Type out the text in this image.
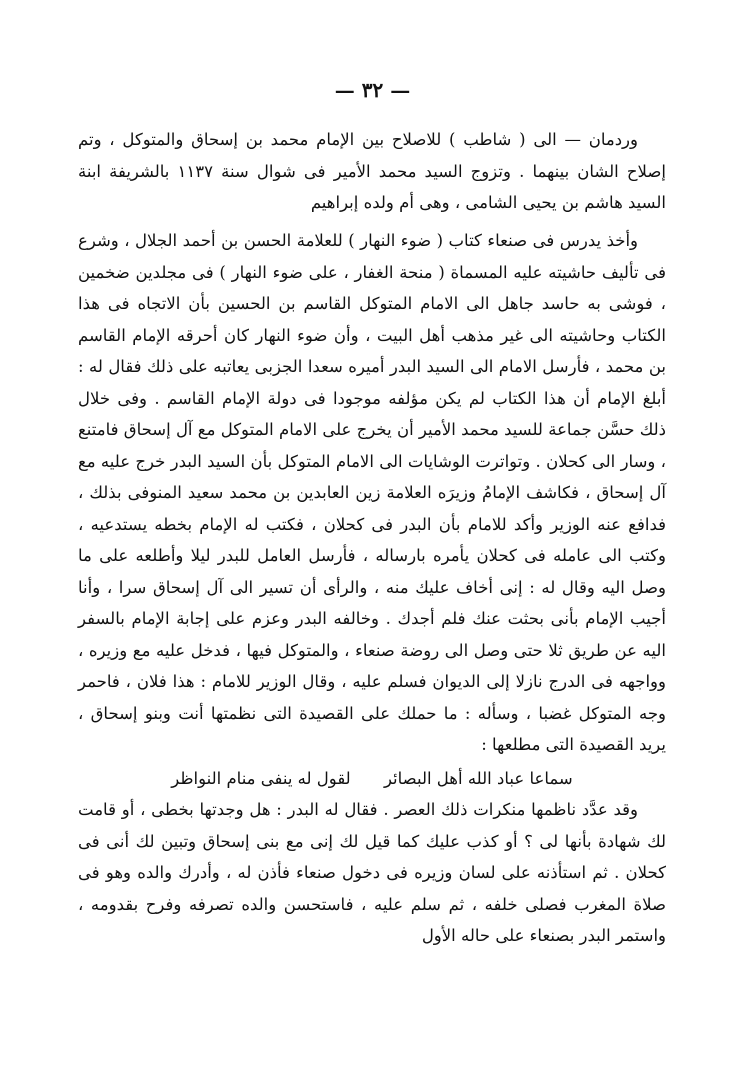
— ٣٢ —

وردمان — الى ( شاطب ) للاصلاح بين الإمام محمد بن إسحاق والمتوكل ، وتم إصلاح الشان بينهما . وتزوج السيد محمد الأمير فى شوال سنة ١١٣٧ بالشريفة ابنة السيد هاشم بن يحيى الشامى ، وهى أم ولده إبراهيم

وأخذ يدرس فى صنعاء كتاب ( ضوء النهار ) للعلامة الحسن بن أحمد الجلال ، وشرع فى تأليف حاشيته عليه المسماة ( منحة الغفار ، على ضوء النهار ) فى مجلدين ضخمين ، فوشى به حاسد جاهل الى الامام المتوكل القاسم بن الحسين بأن الاتجاه فى هذا الكتاب وحاشيته الى غير مذهب أهل البيت ، وأن ضوء النهار كان أحرقه الإمام القاسم بن محمد ، فأرسل الامام الى السيد البدر أميره سعدا الجزبى يعاتبه على ذلك فقال له : أبلغ الإمام أن هذا الكتاب لم يكن مؤلفه موجودا فى دولة الإمام القاسم . وفى خلال ذلك حسَّن جماعة للسيد محمد الأمير أن يخرج على الامام المتوكل مع آل إسحاق فامتنع ، وسار الى كحلان . وتواترت الوشايات الى الامام المتوكل بأن السيد البدر خرج عليه مع آل إسحاق ، فكاشف الإمامُ وزيرَه العلامة زين العابدين بن محمد سعيد المنوفى بذلك ، فدافع عنه الوزير وأكد للامام بأن البدر فى كحلان ، فكتب له الإمام بخطه يستدعيه ، وكتب الى عامله فى كحلان يأمره بارساله ، فأرسل العامل للبدر ليلا وأطلعه على ما وصل اليه وقال له : إنى أخاف عليك منه ، والرأى أن تسير الى آل إسحاق سرا ، وأنا أجيب الإمام بأنى بحثت عنك فلم أجدك . وخالفه البدر وعزم على إجابة الإمام بالسفر اليه عن طريق ثلا حتى وصل الى روضة صنعاء ، والمتوكل فيها ، فدخل عليه مع وزيره ، وواجهه فى الدرج نازلا إلى الديوان فسلم عليه ، وقال الوزير للامام : هذا فلان ، فاحمر وجه المتوكل غضبا ، وسأله : ما حملك على القصيدة التى نظمتها أنت وبنو إسحاق ، يريد القصيدة التى مطلعها :

سماعا عباد الله أهل البصائر لقول له ينفى منام النواظر

وقد عدَّد ناظمها منكرات ذلك العصر . فقال له البدر : هل وجدتها بخطى ، أو قامت لك شهادة بأنها لى ؟ أو كذب عليك كما قيل لك إنى مع بنى إسحاق وتبين لك أنى فى كحلان . ثم استأذنه على لسان وزيره فى دخول صنعاء فأذن له ، وأدرك والده وهو فى صلاة المغرب فصلى خلفه ، ثم سلم عليه ، فاستحسن والده تصرفه وفرح بقدومه ، واستمر البدر بصنعاء على حاله الأول
